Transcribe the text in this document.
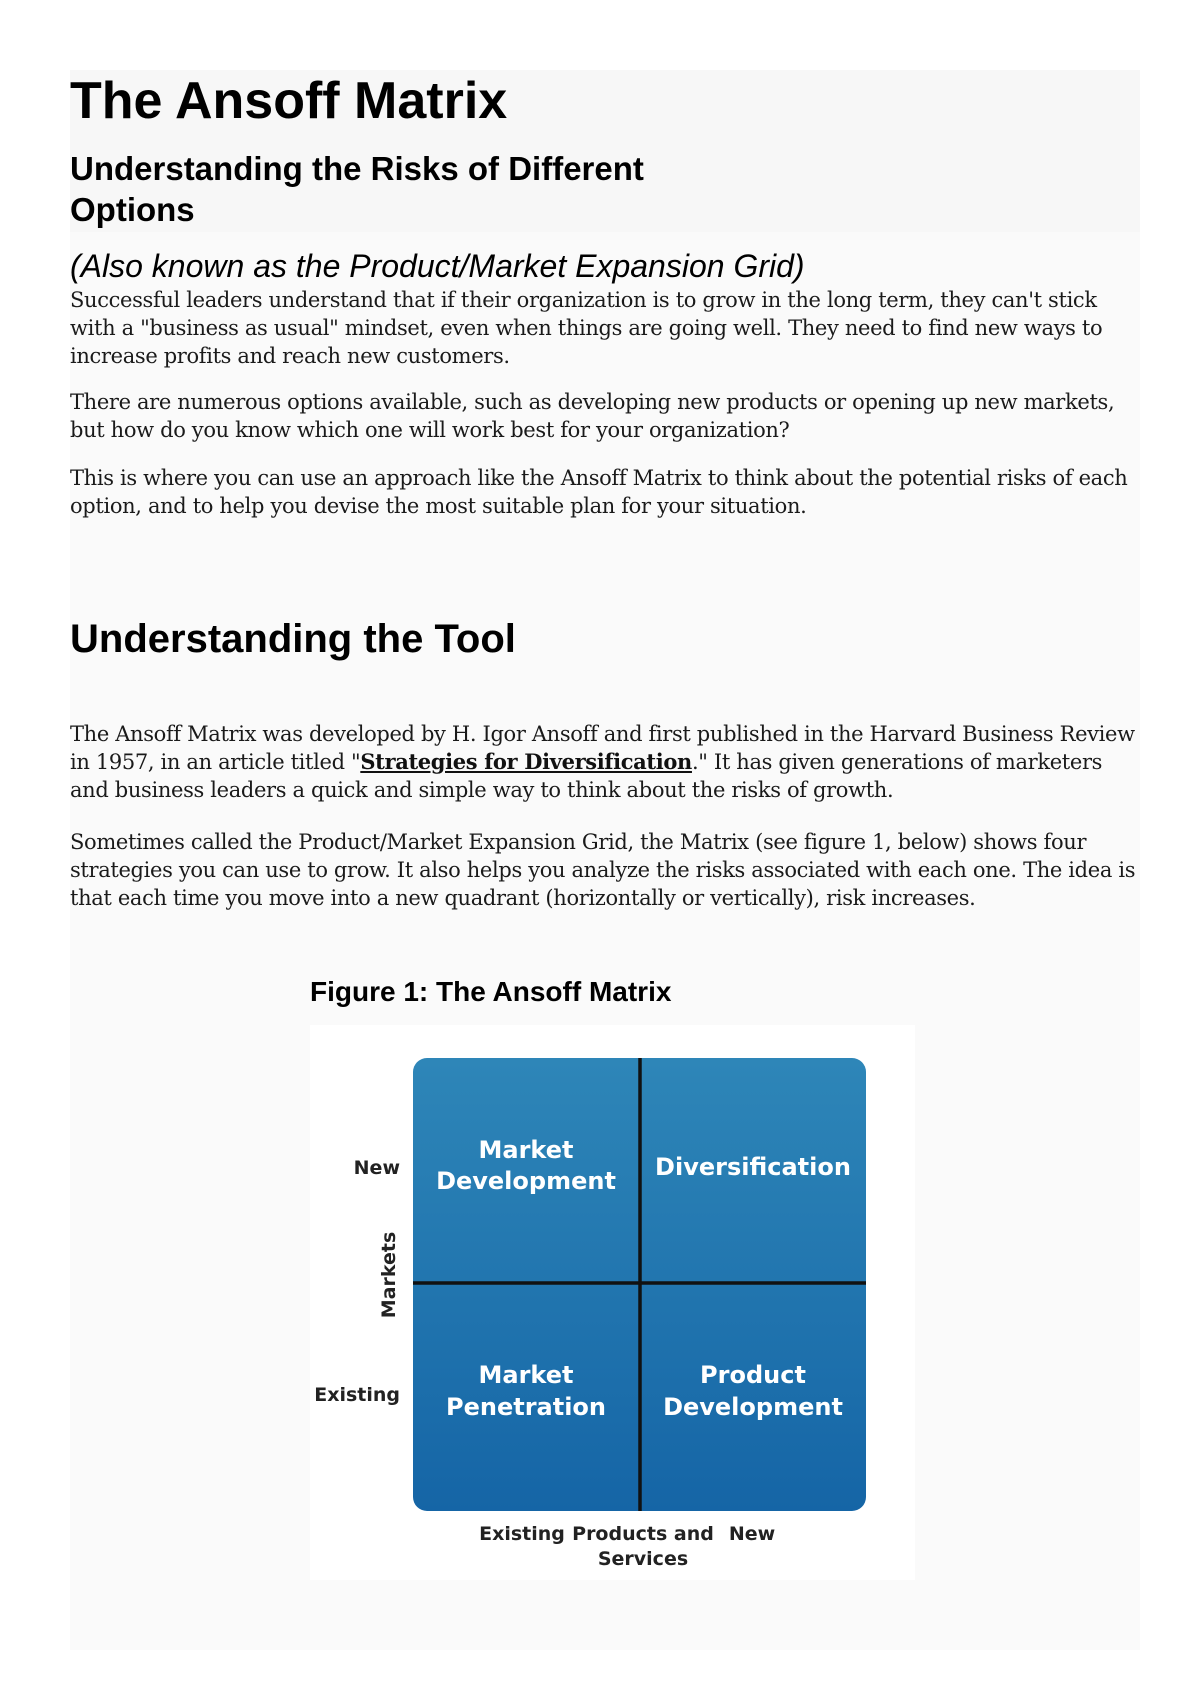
The Ansoff Matrix
Understanding the Risks of Different Options

(Also known as the Product/Market Expansion Grid)

Successful leaders understand that if their organization is to grow in the long term, they can't stick with a "business as usual" mindset, even when things are going well. They need to find new ways to increase profits and reach new customers.

There are numerous options available, such as developing new products or opening up new markets, but how do you know which one will work best for your organization?

This is where you can use an approach like the Ansoff Matrix to think about the potential risks of each option, and to help you devise the most suitable plan for your situation.

Understanding the Tool

The Ansoff Matrix was developed by H. Igor Ansoff and first published in the Harvard Business Review in 1957, in an article titled "Strategies for Diversification." It has given generations of marketers and business leaders a quick and simple way to think about the risks of growth.

Sometimes called the Product/Market Expansion Grid, the Matrix (see figure 1, below) shows four strategies you can use to grow. It also helps you analyze the risks associated with each one. The idea is that each time you move into a new quadrant (horizontally or vertically), risk increases.

Figure 1: The Ansoff Matrix

Market
Development Diversification
Market
Penetration
Product
Development
New
Existing
Markets
Existing Products and
Services
New
